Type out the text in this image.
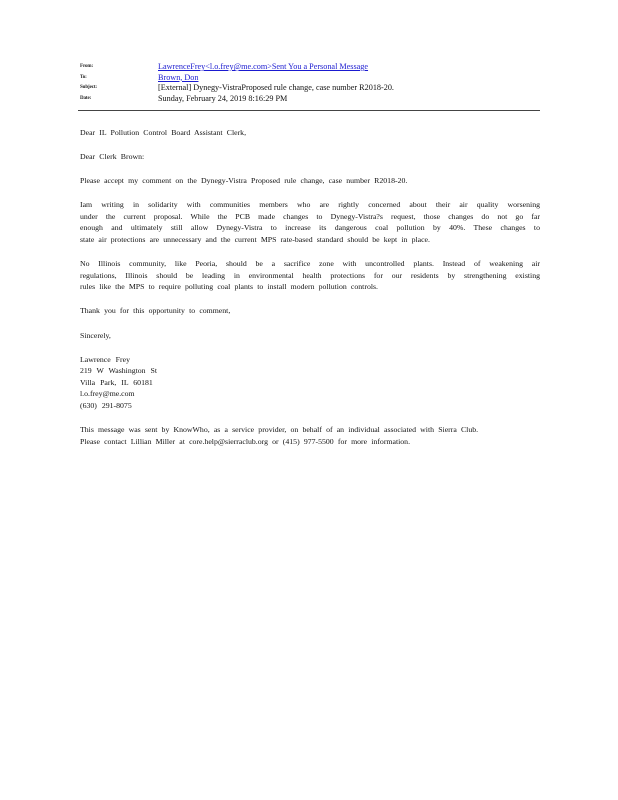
From:	LawrenceFrey<l.o.frey@me.com>Sent You a Personal Message
To:	Brown, Don
Subject:	[External] Dynegy-VistraProposed rule change, case number R2018-20.
Date:	Sunday, February 24, 2019 8:16:29 PM

Dear IL Pollution Control Board Assistant Clerk,

Dear Clerk Brown:

Please accept my comment on the Dynegy-Vistra Proposed rule change, case number R2018-20.

Iam writing in solidarity with communities members who are rightly concerned about their air quality worsening
under the current proposal. While the PCB made changes to Dynegy-Vistra?s request, those changes do not go far
enough and ultimately still allow Dynegy-Vistra to increase its dangerous coal pollution by 40%. These changes to
state air protections are unnecessary and the current MPS rate-based standard should be kept in place.

No Illinois community, like Peoria, should be a sacrifice zone with uncontrolled plants. Instead of weakening air
regulations, Illinois should be leading in environmental health protections for our residents by strengthening existing
rules like the MPS to require polluting coal plants to install modern pollution controls.

Thank you for this opportunity to comment,

Sincerely,

Lawrence Frey
219 W Washington St
Villa Park, IL 60181
l.o.frey@me.com
(630) 291-8075

This message was sent by KnowWho, as a service provider, on behalf of an individual associated with Sierra Club.
Please contact Lillian Miller at core.help@sierraclub.org or (415) 977-5500 for more information.
